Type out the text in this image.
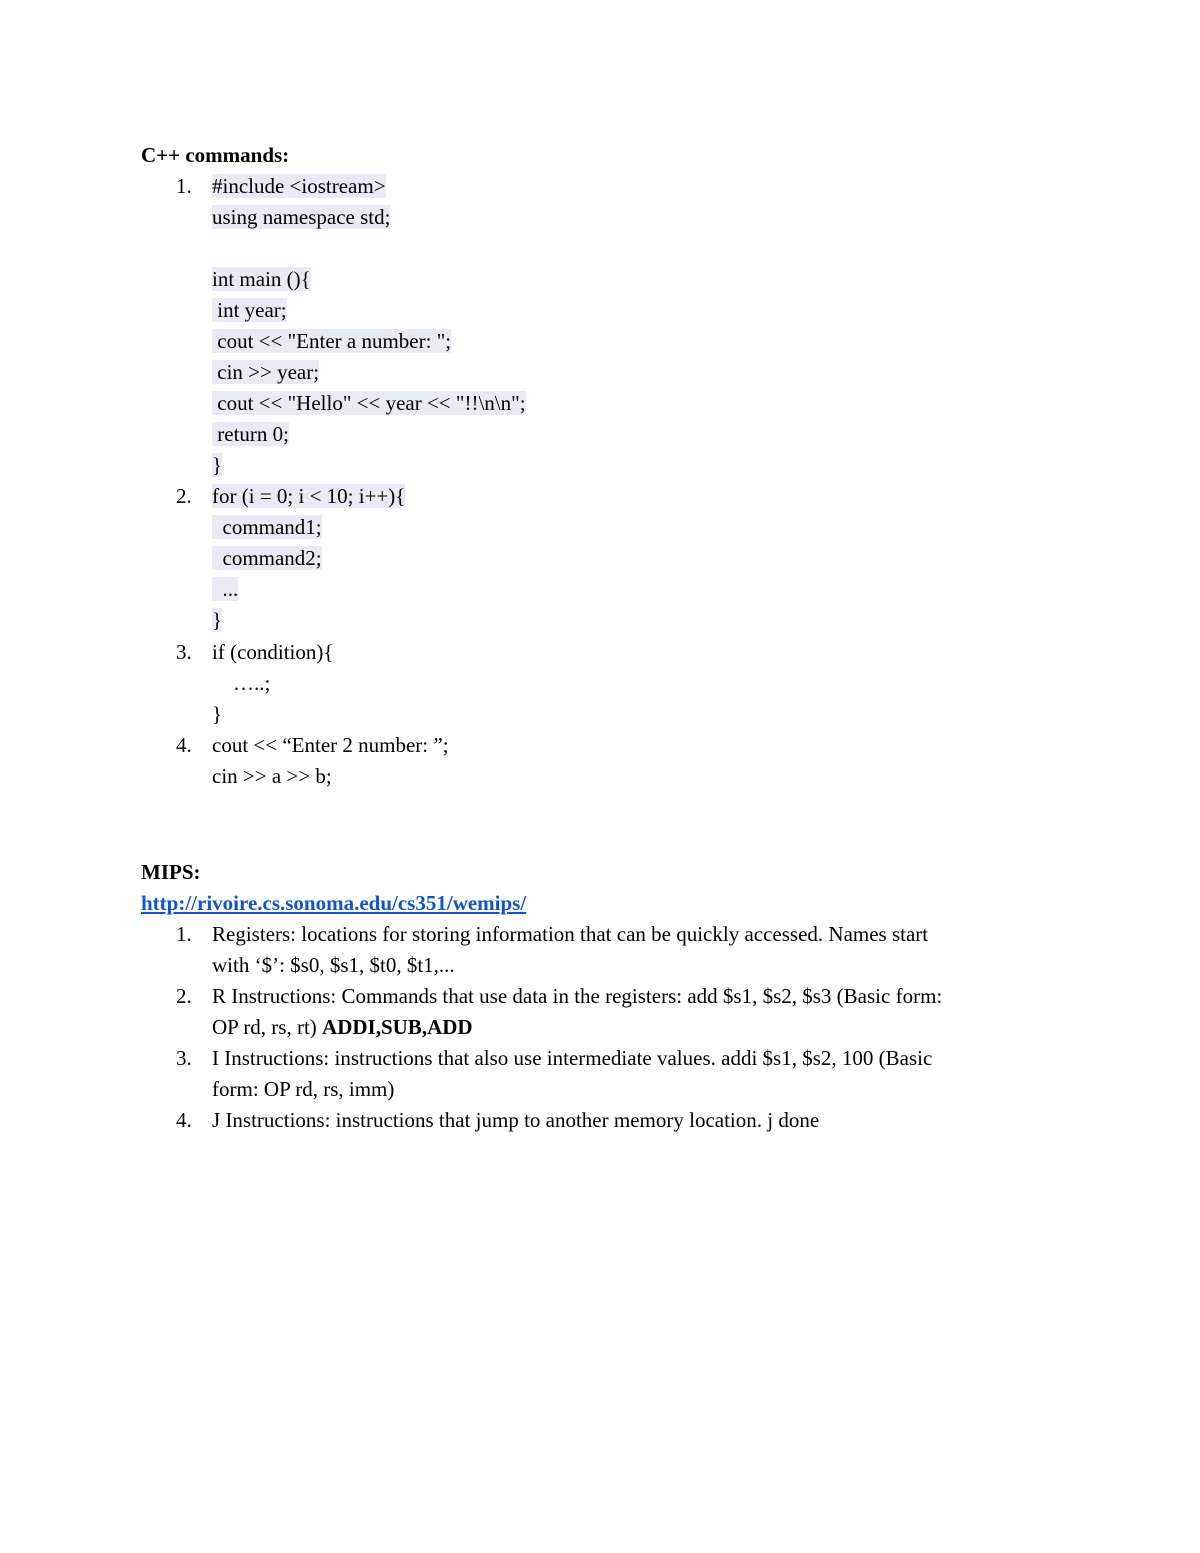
C++ commands:
1. #include <iostream>
using namespace std;
int main (){
int year;
cout << "Enter a number: ";
cin >> year;
cout << "Hello" << year << "!!\n\n";
return 0;
}
2. for (i = 0; i < 10; i++){
command1;
command2;
...
}
3. if (condition){
…..;
}
4. cout << “Enter 2 number: ”;
cin >> a >> b;
MIPS:
http://rivoire.cs.sonoma.edu/cs351/wemips/
1. Registers: locations for storing information that can be quickly accessed. Names start
with ‘$’: $s0, $s1, $t0, $t1,...
2. R Instructions: Commands that use data in the registers: add $s1, $s2, $s3 (Basic form:
OP rd, rs, rt) ADDI,SUB,ADD
3. I Instructions: instructions that also use intermediate values. addi $s1, $s2, 100 (Basic
form: OP rd, rs, imm)
4. J Instructions: instructions that jump to another memory location. j done
